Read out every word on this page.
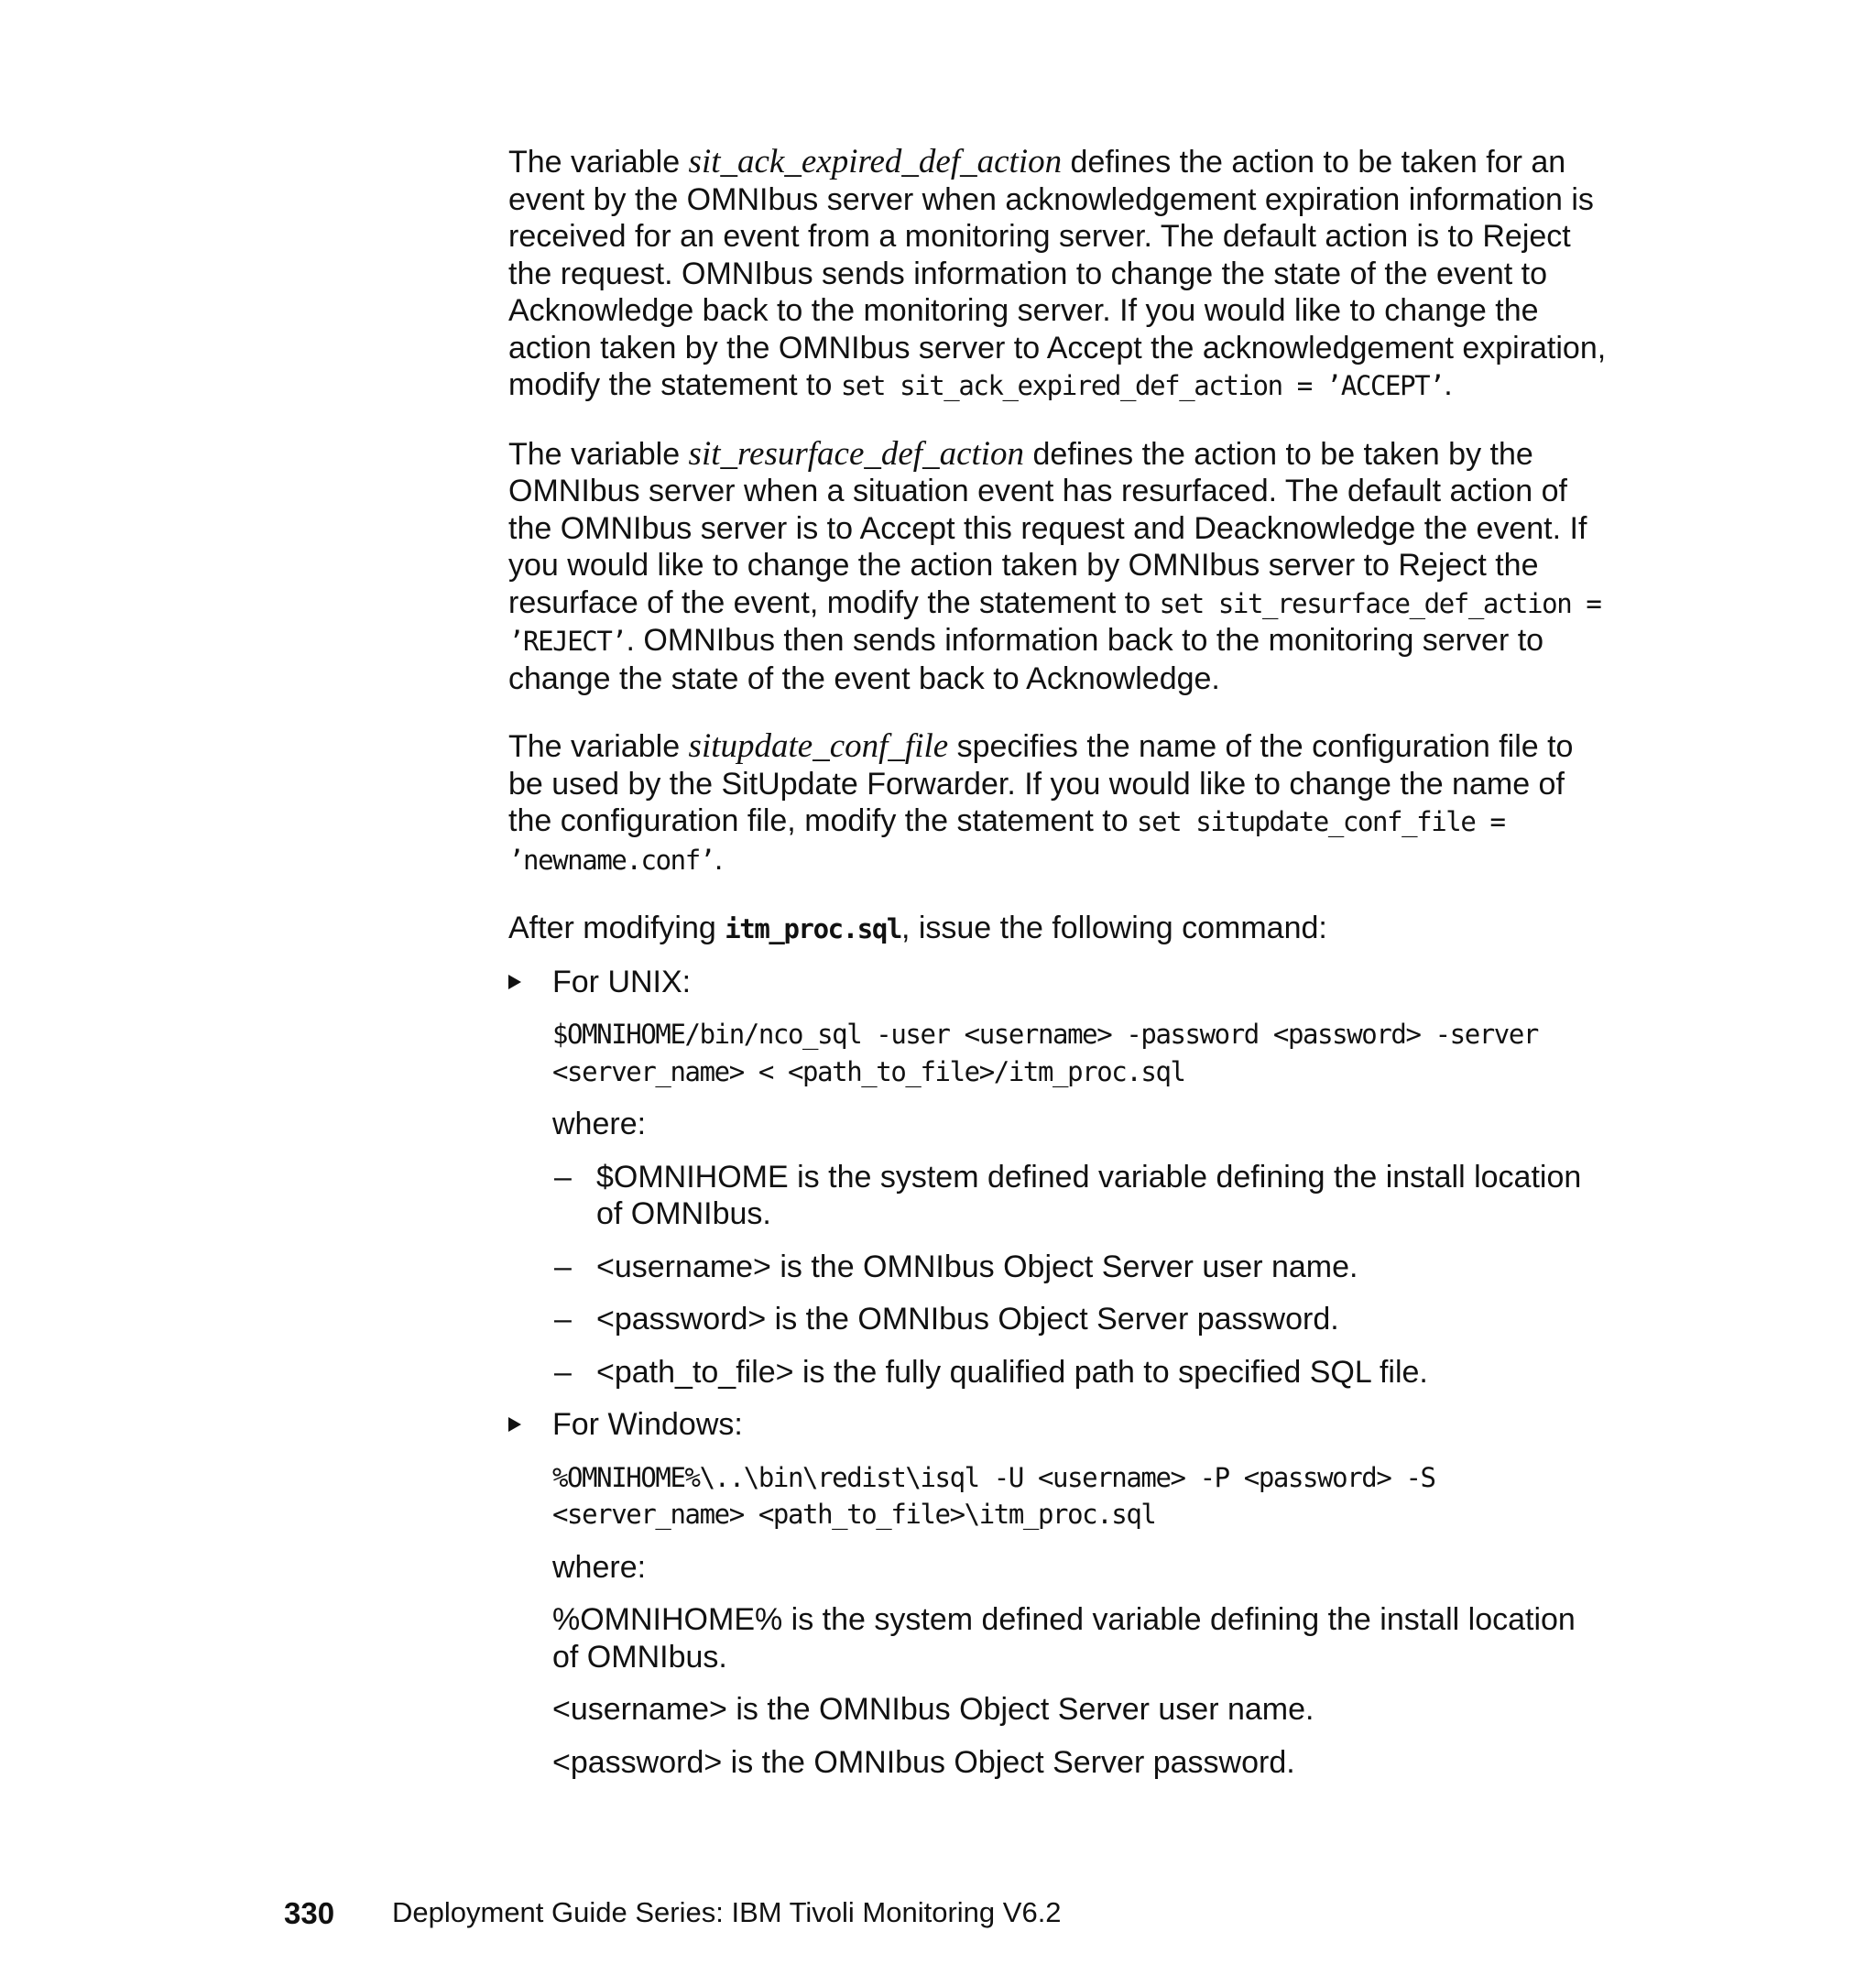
The variable sit_ack_expired_def_action defines the action to be taken for an event by the OMNIbus server when acknowledgement expiration information is received for an event from a monitoring server. The default action is to Reject the request. OMNIbus sends information to change the state of the event to Acknowledge back to the monitoring server. If you would like to change the action taken by the OMNIbus server to Accept the acknowledgement expiration, modify the statement to set sit_ack_expired_def_action = ’ACCEPT’.

The variable sit_resurface_def_action defines the action to be taken by the OMNIbus server when a situation event has resurfaced. The default action of the OMNIbus server is to Accept this request and Deacknowledge the event. If you would like to change the action taken by OMNIbus server to Reject the resurface of the event, modify the statement to set sit_resurface_def_action = ’REJECT’. OMNIbus then sends information back to the monitoring server to change the state of the event back to Acknowledge.

The variable situpdate_conf_file specifies the name of the configuration file to be used by the SitUpdate Forwarder. If you would like to change the name of the configuration file, modify the statement to set situpdate_conf_file = ’newname.conf’.

After modifying itm_proc.sql, issue the following command:

For UNIX:
$OMNIHOME/bin/nco_sql -user <username> -password <password> -server
<server_name> < <path_to_file>/itm_proc.sql
where:
– $OMNIHOME is the system defined variable defining the install location of OMNIbus.
– <username> is the OMNIbus Object Server user name.
– <password> is the OMNIbus Object Server password.
– <path_to_file> is the fully qualified path to specified SQL file.
For Windows:
%OMNIHOME%\..\bin\redist\isql -U <username> -P <password> -S
<server_name> <path_to_file>\itm_proc.sql
where:
%OMNIHOME% is the system defined variable defining the install location of OMNIbus.
<username> is the OMNIbus Object Server user name.
<password> is the OMNIbus Object Server password.
330 Deployment Guide Series: IBM Tivoli Monitoring V6.2
